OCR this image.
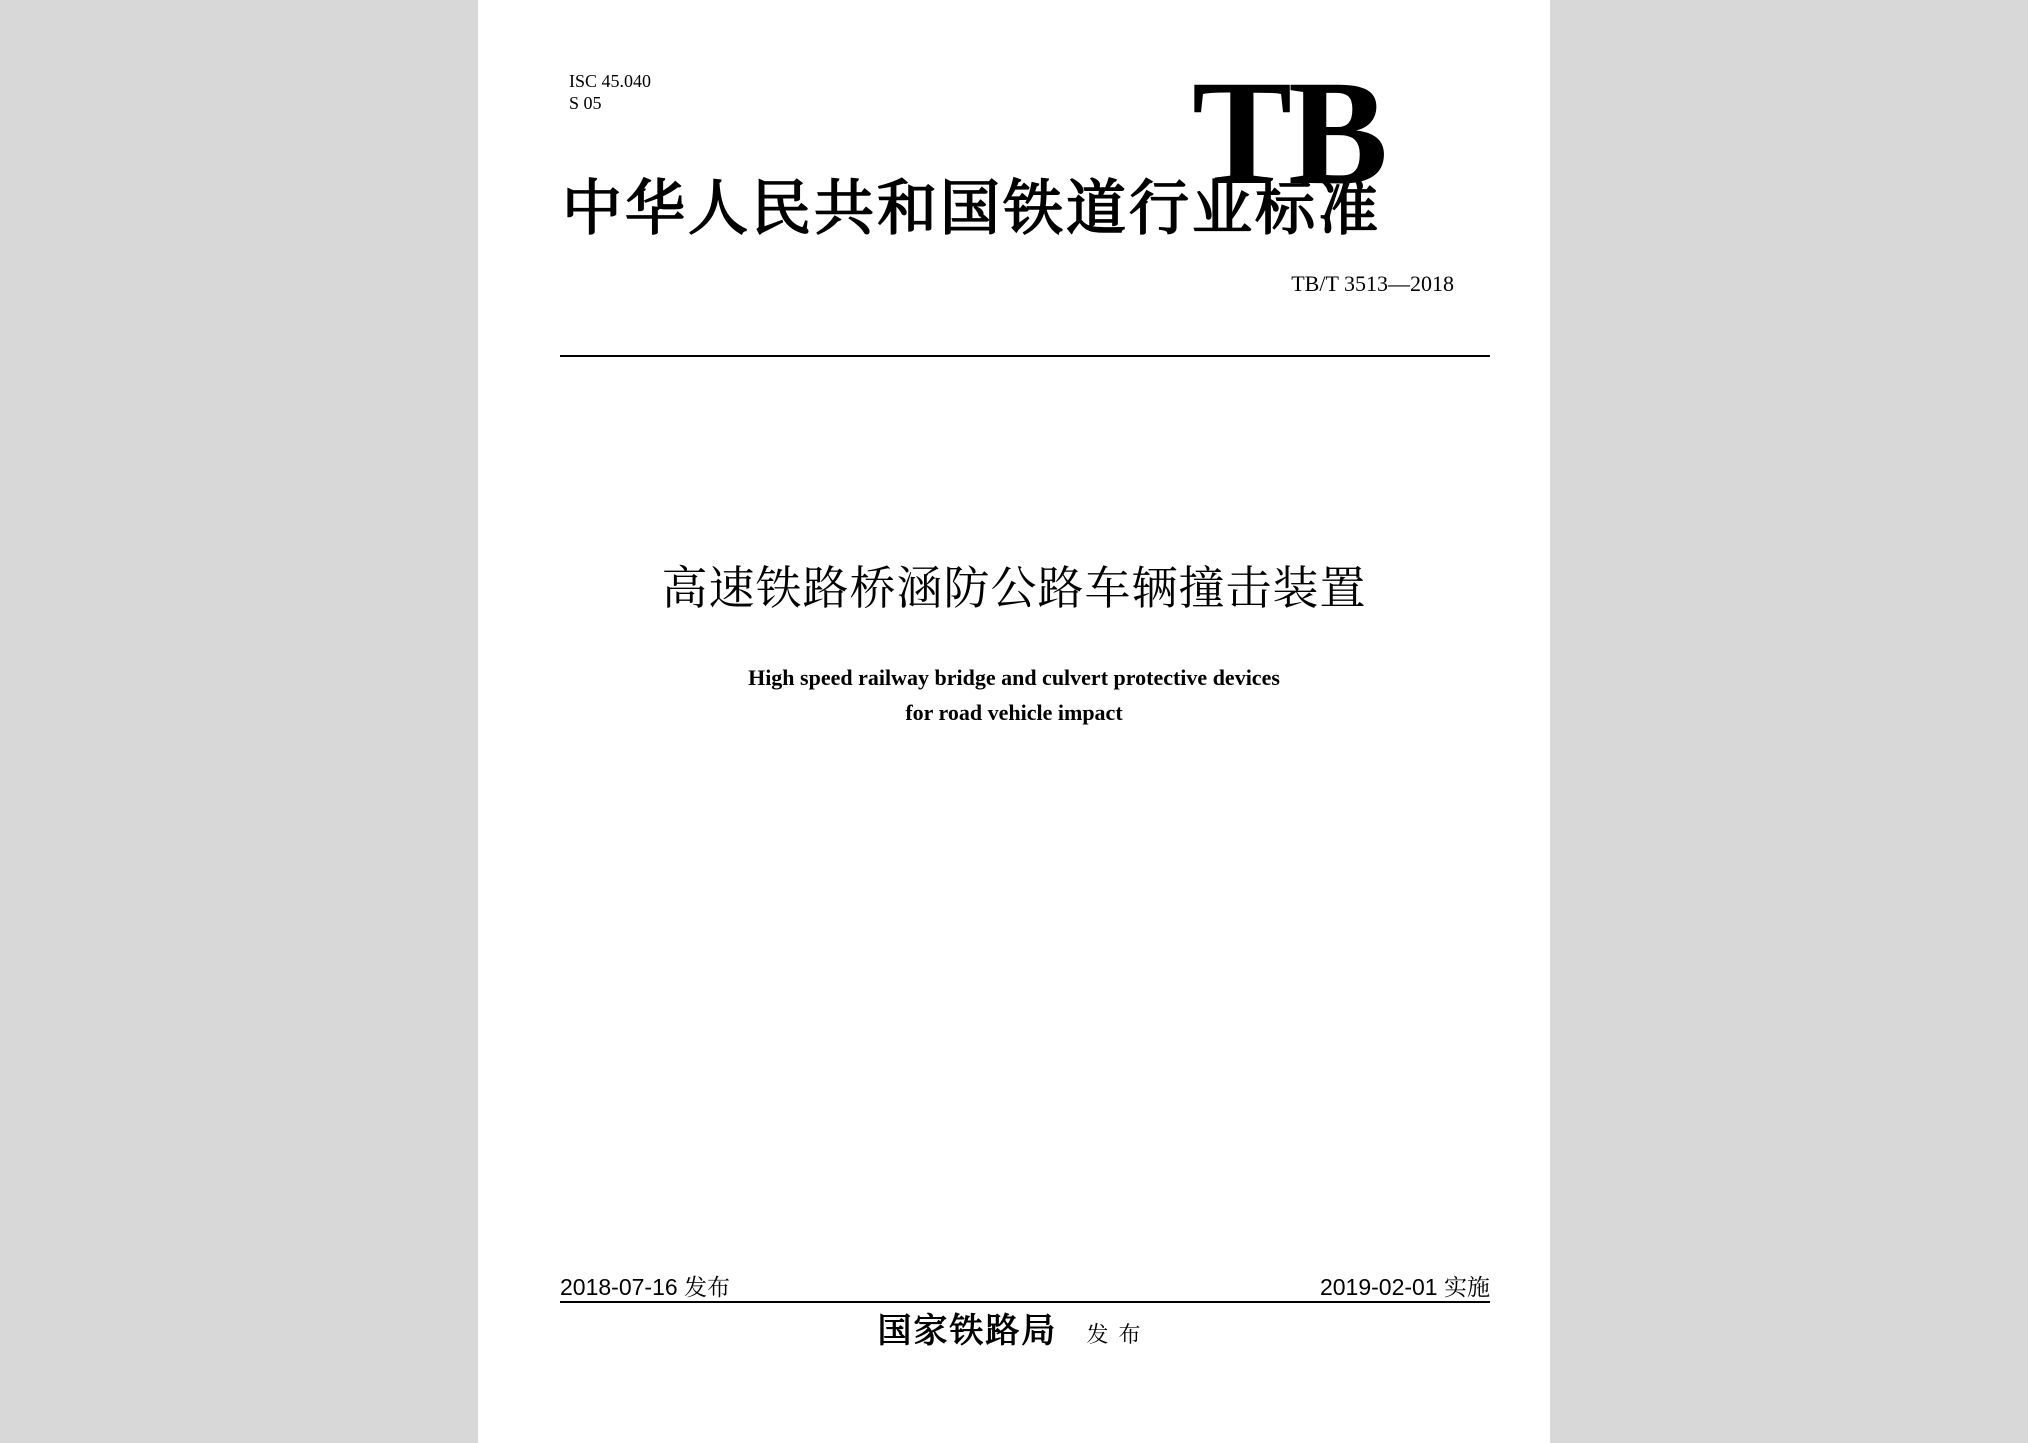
ISC 45.040
S 05	TB
中华人民共和国铁道行业标准
TB/T 3513—2018
高速铁路桥涵防公路车辆撞击装置
High speed railway bridge and culvert protective devices
for road vehicle impact
2018-07-16 发布	2019-02-01 实施
国家铁路局 发布
